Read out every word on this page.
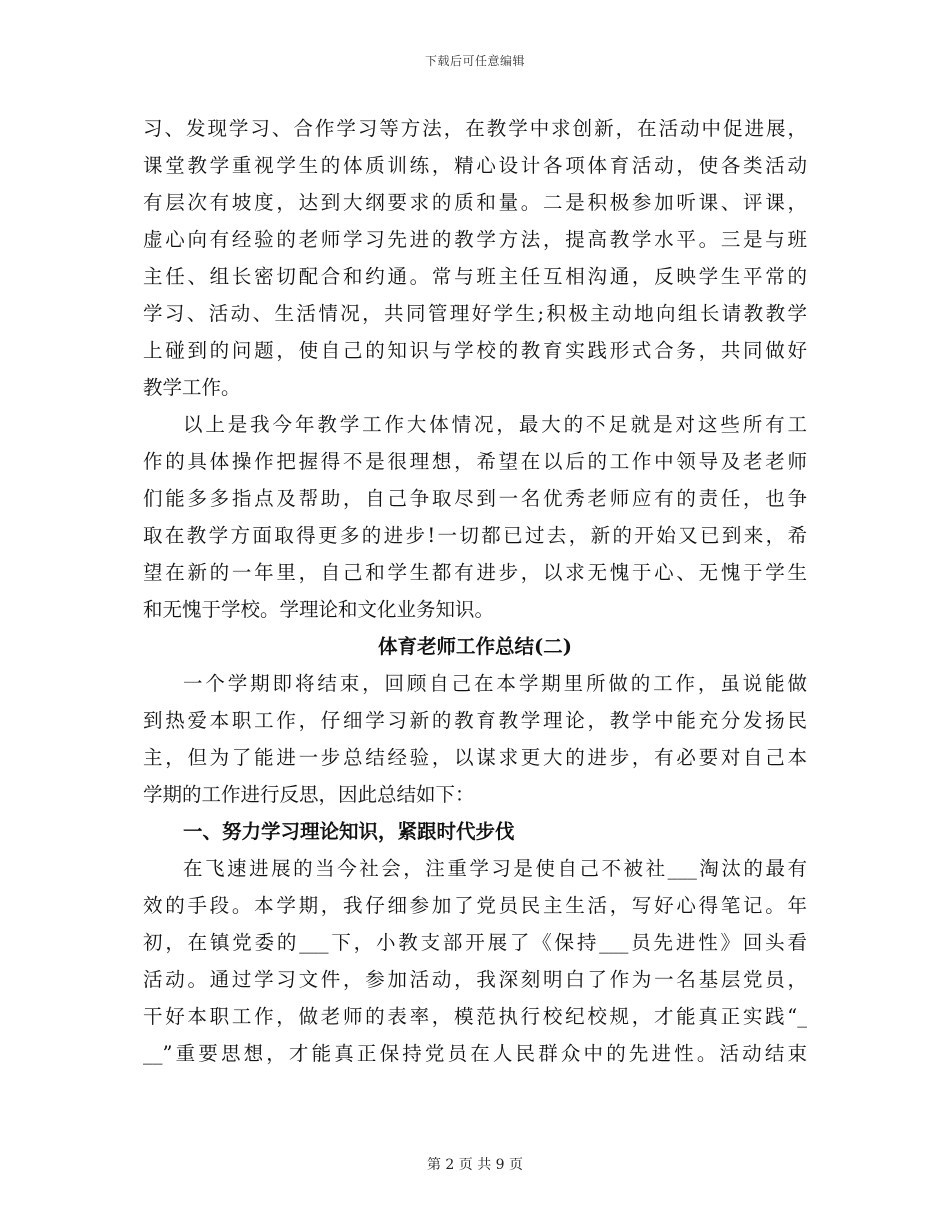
下载后可任意编辑
习、发现学习、合作学习等方法，在教学中求创新，在活动中促进展，
课堂教学重视学生的体质训练，精心设计各项体育活动，使各类活动
有层次有坡度，达到大纲要求的质和量。二是积极参加听课、评课，
虚心向有经验的老师学习先进的教学方法，提高教学水平。三是与班
主任、组长密切配合和约通。常与班主任互相沟通，反映学生平常的
学习、活动、生活情况，共同管理好学生;积极主动地向组长请教教学
上碰到的问题，使自己的知识与学校的教育实践形式合务，共同做好
教学工作。
以上是我今年教学工作大体情况，最大的不足就是对这些所有工
作的具体操作把握得不是很理想，希望在以后的工作中领导及老老师
们能多多指点及帮助，自己争取尽到一名优秀老师应有的责任，也争
取在教学方面取得更多的进步!一切都已过去，新的开始又已到来，希
望在新的一年里，自己和学生都有进步，以求无愧于心、无愧于学生
和无愧于学校。学理论和文化业务知识。
体育老师工作总结(二)
一个学期即将结束，回顾自己在本学期里所做的工作，虽说能做
到热爱本职工作，仔细学习新的教育教学理论，教学中能充分发扬民
主，但为了能进一步总结经验，以谋求更大的进步，有必要对自己本
学期的工作进行反思，因此总结如下：
一、努力学习理论知识，紧跟时代步伐
在飞速进展的当今社会，注重学习是使自己不被社___淘汰的最有
效的手段。本学期，我仔细参加了党员民主生活，写好心得笔记。年
初，在镇党委的___下，小教支部开展了《保持___员先进性》回头看
活动。通过学习文件，参加活动，我深刻明白了作为一名基层党员，
干好本职工作，做老师的表率，模范执行校纪校规，才能真正实践“_
__”重要思想，才能真正保持党员在人民群众中的先进性。活动结束
第 2 页 共 9 页
